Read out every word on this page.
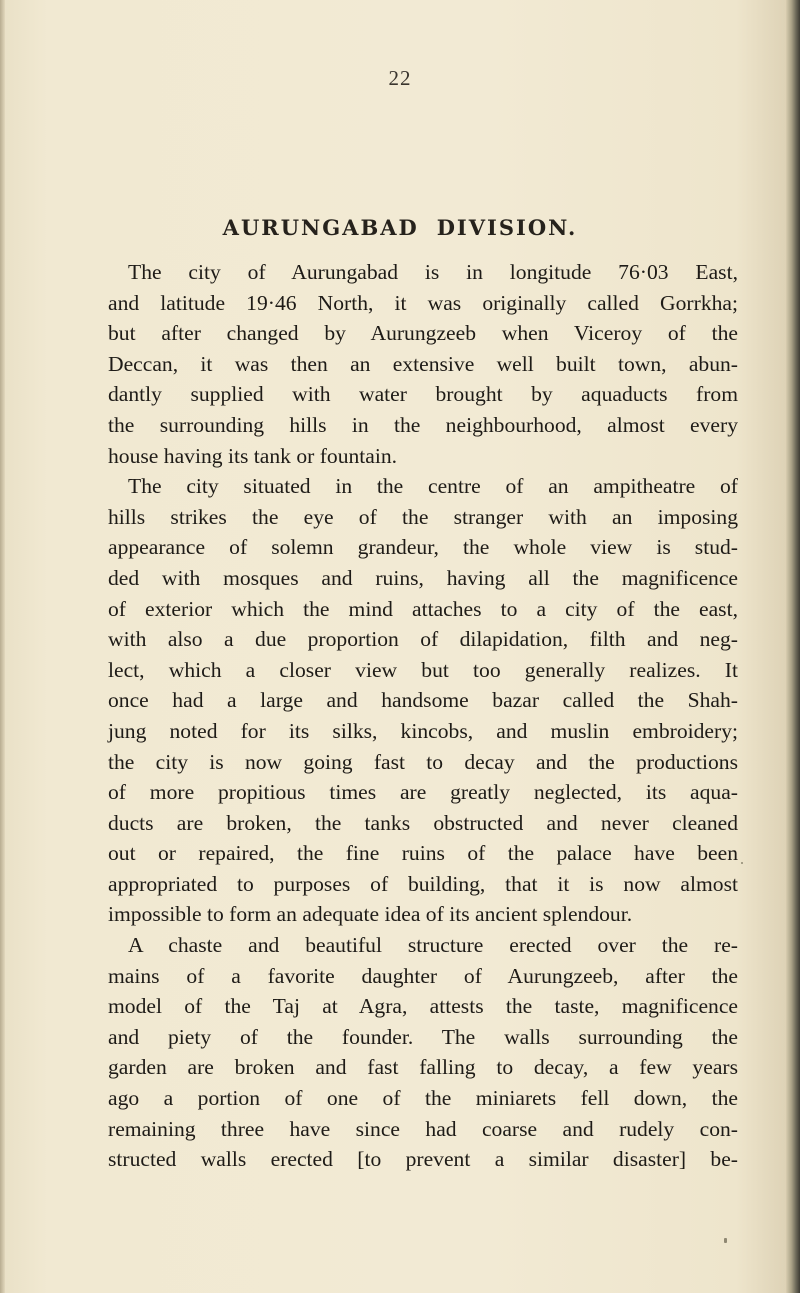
22
AURUNGABAD DIVISION.
The city of Aurungabad is in longitude 76·03 East,
and latitude 19·46 North, it was originally called Gorrkha;
but after changed by Aurungzeeb when Viceroy of the
Deccan, it was then an extensive well built town, abun-
dantly supplied with water brought by aquaducts from
the surrounding hills in the neighbourhood, almost every
house having its tank or fountain.
The city situated in the centre of an ampitheatre of
hills strikes the eye of the stranger with an imposing
appearance of solemn grandeur, the whole view is stud-
ded with mosques and ruins, having all the magnificence
of exterior which the mind attaches to a city of the east,
with also a due proportion of dilapidation, filth and neg-
lect, which a closer view but too generally realizes. It
once had a large and handsome bazar called the Shah-
jung noted for its silks, kincobs, and muslin embroidery;
the city is now going fast to decay and the productions
of more propitious times are greatly neglected, its aqua-
ducts are broken, the tanks obstructed and never cleaned
out or repaired, the fine ruins of the palace have been
appropriated to purposes of building, that it is now almost
impossible to form an adequate idea of its ancient splendour.
A chaste and beautiful structure erected over the re-
mains of a favorite daughter of Aurungzeeb, after the
model of the Taj at Agra, attests the taste, magnificence
and piety of the founder. The walls surrounding the
garden are broken and fast falling to decay, a few years
ago a portion of one of the miniarets fell down, the
remaining three have since had coarse and rudely con-
structed walls erected [to prevent a similar disaster] be-
